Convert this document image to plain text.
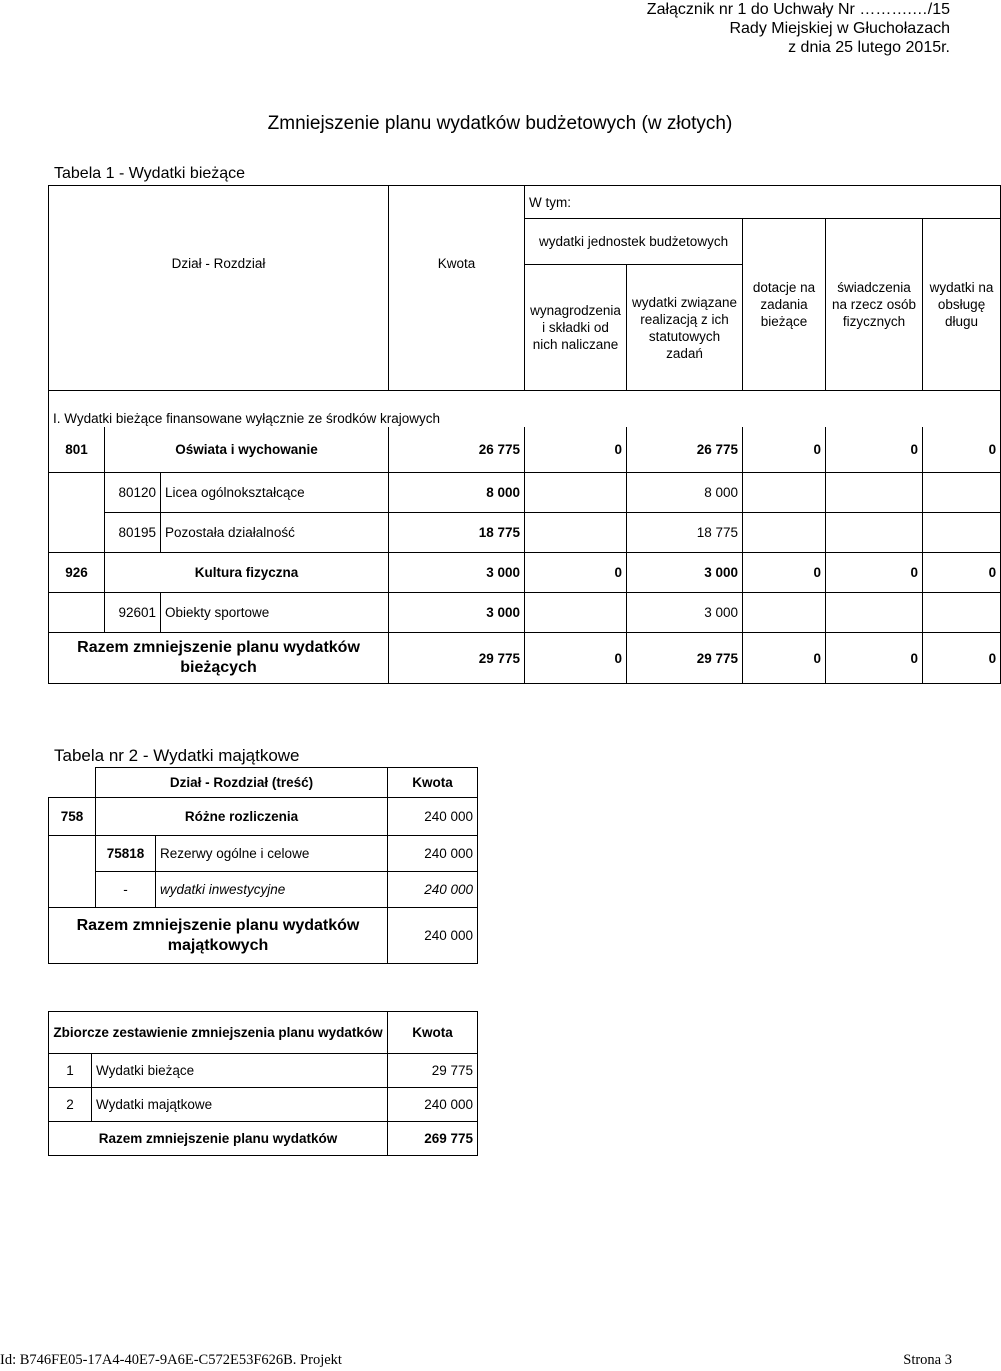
Załącznik nr 1 do Uchwały Nr ……….…/15
Rady Miejskiej w Głuchołazach
z dnia 25 lutego 2015r.
Zmniejszenie planu wydatków budżetowych (w złotych)
Tabela 1 - Wydatki bieżące
Dział - Rozdział			Kwota	W tym:				
				wydatki jednostek budżetowych		dotacje na zadania bieżące	świadczenia na rzecz osób fizycznych	wydatki na obsługę długu
				wynagrodzenia i składki od nich naliczane	wydatki związane realizacją z ich statutowych zadań			
I. Wydatki bieżące finansowane wyłącznie ze środków krajowych								
801	Oświata i wychowanie		26 775	0	26 775	0	0	0
	80120	Licea ogólnokształcące	8 000		8 000			
	80195	Pozostała działalność	18 775		18 775			
926	Kultura fizyczna		3 000	0	3 000	0	0	0
	92601	Obiekty sportowe	3 000		3 000			
Razem zmniejszenie planu wydatków bieżących			29 775	0	29 775	0	0	0
Tabela nr 2 - Wydatki majątkowe
	Dział - Rozdział (treść)		Kwota
758	Różne rozliczenia		240 000
	75818	Rezerwy ogólne i celowe	240 000
	-	wydatki inwestycyjne	240 000
Razem zmniejszenie planu wydatków majątkowych			240 000
Zbiorcze zestawienie zmniejszenia planu wydatków		Kwota
1	Wydatki bieżące	29 775
2	Wydatki majątkowe	240 000
Razem zmniejszenie planu wydatków		269 775
Id: B746FE05-17A4-40E7-9A6E-C572E53F626B. Projekt	Strona 3
